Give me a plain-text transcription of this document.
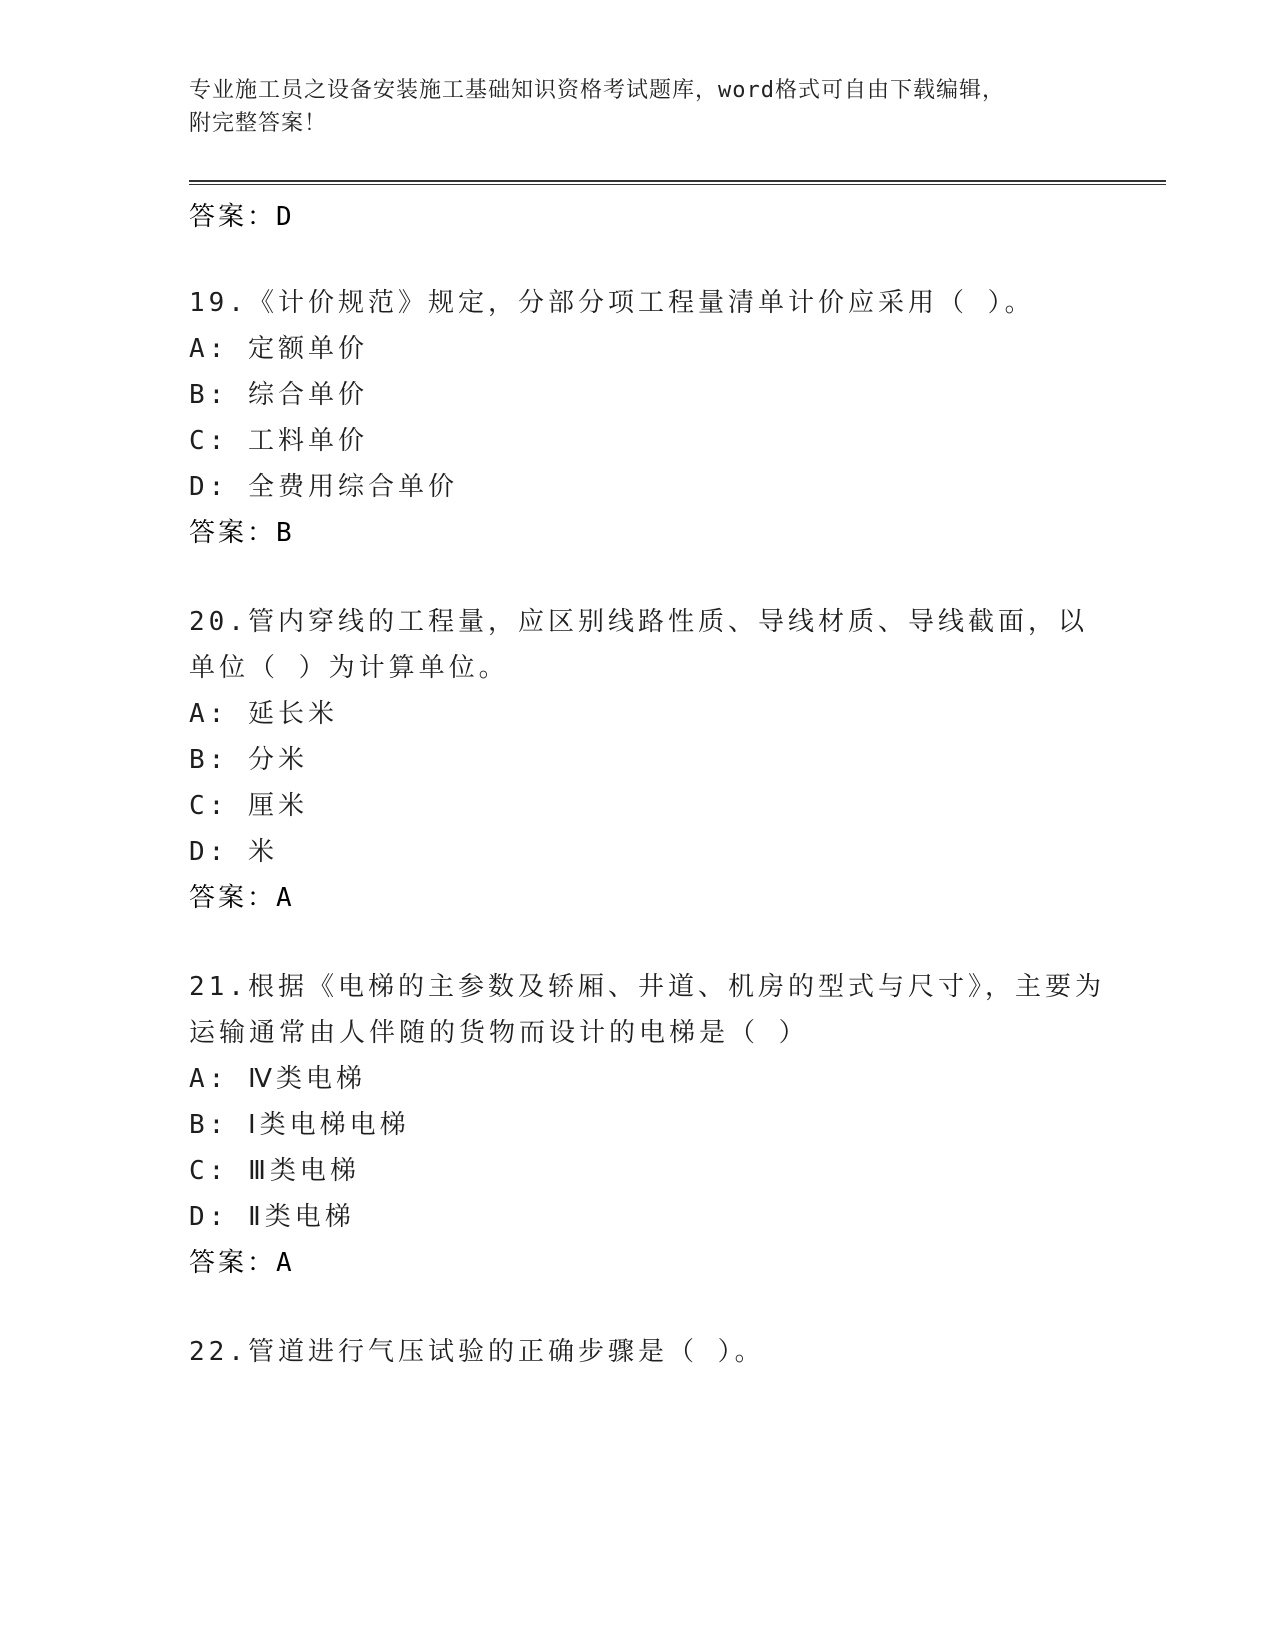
专业施工员之设备安装施工基础知识资格考试题库，word格式可自由下载编辑，
附完整答案！
答案：D
19.《计价规范》规定，分部分项工程量清单计价应采用（ ）。
A: 定额单价
B: 综合单价
C: 工料单价
D: 全费用综合单价
答案：B
20.管内穿线的工程量，应区别线路性质、导线材质、导线截面，以单位（ ）为计算单位。
A: 延长米
B: 分米
C: 厘米
D: 米
答案：A
21.根据《电梯的主参数及轿厢、井道、机房的型式与尺寸》，主要为运输通常由人伴随的货物而设计的电梯是（ ）
A: Ⅳ类电梯
B: Ⅰ类电梯电梯
C: Ⅲ类电梯
D: Ⅱ类电梯
答案：A
22.管道进行气压试验的正确步骤是（ ）。
